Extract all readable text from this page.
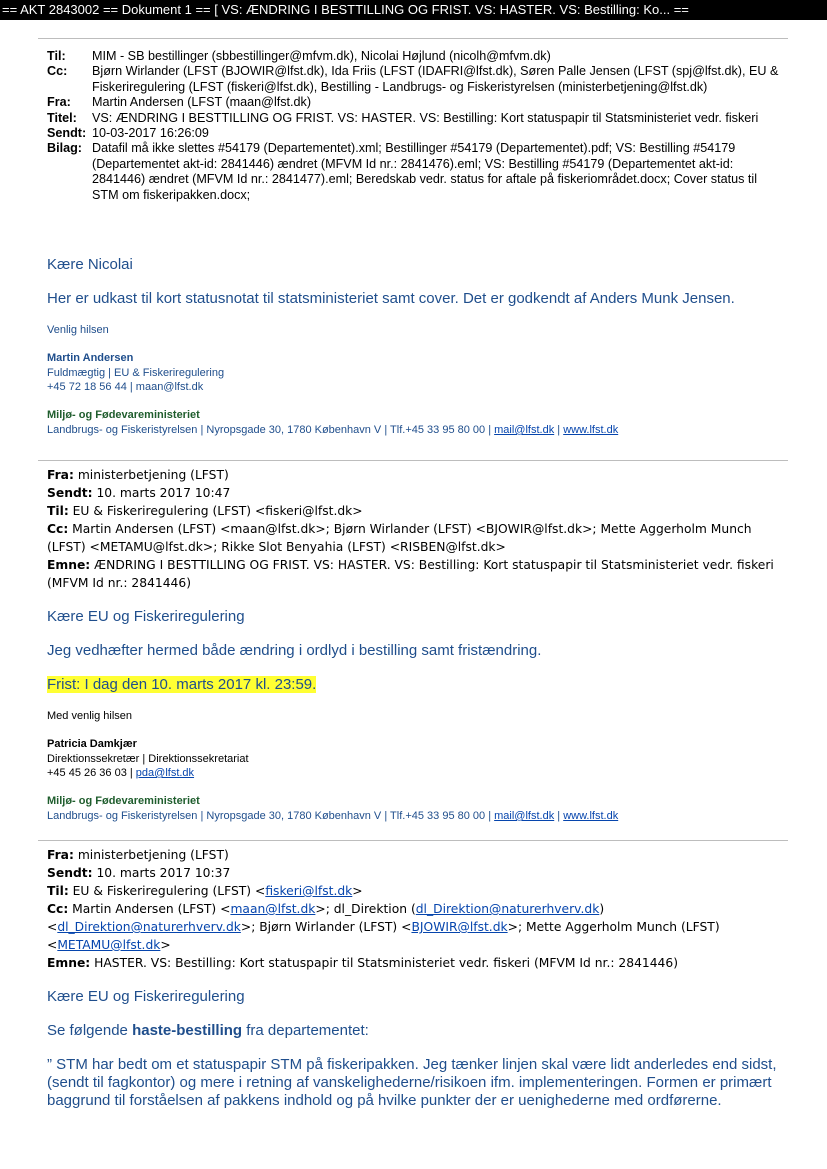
== AKT 2843002 == Dokument 1 == [ VS: ÆNDRING I BESTTILLING OG FRIST. VS: HASTER. VS: Bestilling: Ko... ==
Til:	MIM - SB bestillinger (sbbestillinger@mfvm.dk), Nicolai Højlund (nicolh@mfvm.dk)
Cc:	Bjørn Wirlander (LFST (BJOWIR@lfst.dk), Ida Friis (LFST (IDAFRI@lfst.dk), Søren Palle Jensen (LFST (spj@lfst.dk), EU & Fiskeriregulering (LFST (fiskeri@lfst.dk), Bestilling - Landbrugs- og Fiskeristyrelsen (ministerbetjening@lfst.dk)
Fra:	Martin Andersen (LFST (maan@lfst.dk)
Titel:	VS: ÆNDRING I BESTTILLING OG FRIST. VS: HASTER. VS: Bestilling: Kort statuspapir til Statsministeriet vedr. fiskeri
Sendt: 10-03-2017 16:26:09
Bilag: Datafil må ikke slettes #54179 (Departementet).xml; Bestillinger #54179 (Departementet).pdf; VS: Bestilling #54179 (Departementet akt-id: 2841446) ændret (MFVM Id nr.: 2841476).eml; VS: Bestilling #54179 (Departementet akt-id: 2841446) ændret (MFVM Id nr.: 2841477).eml; Beredskab vedr. status for aftale på fiskeriområdet.docx; Cover status til STM om fiskeripakken.docx;
Kære Nicolai
Her er udkast til kort statusnotat til statsministeriet samt cover. Det er godkendt af Anders Munk Jensen.
Venlig hilsen
Martin Andersen
Fuldmægtig | EU & Fiskeriregulering
+45 72 18 56 44 | maan@lfst.dk
Miljø- og Fødevareministeriet
Landbrugs- og Fiskeristyrelsen | Nyropsgade 30, 1780 København V | Tlf.+45 33 95 80 00 | mail@lfst.dk | www.lfst.dk
Fra: ministerbetjening (LFST)
Sendt: 10. marts 2017 10:47
Til: EU & Fiskeriregulering (LFST) <fiskeri@lfst.dk>
Cc: Martin Andersen (LFST) <maan@lfst.dk>; Bjørn Wirlander (LFST) <BJOWIR@lfst.dk>; Mette Aggerholm Munch (LFST) <METAMU@lfst.dk>; Rikke Slot Benyahia (LFST) <RISBEN@lfst.dk>
Emne: ÆNDRING I BESTTILLING OG FRIST. VS: HASTER. VS: Bestilling: Kort statuspapir til Statsministeriet vedr. fiskeri (MFVM Id nr.: 2841446)
Kære EU og Fiskeriregulering
Jeg vedhæfter hermed både ændring i ordlyd i bestilling samt fristændring.
Frist: I dag den 10. marts 2017 kl. 23:59.
Med venlig hilsen
Patricia Damkjær
Direktionssekretær | Direktionssekretariat
+45 45 26 36 03 | pda@lfst.dk
Miljø- og Fødevareministeriet
Landbrugs- og Fiskeristyrelsen | Nyropsgade 30, 1780 København V | Tlf.+45 33 95 80 00 | mail@lfst.dk | www.lfst.dk
Fra: ministerbetjening (LFST)
Sendt: 10. marts 2017 10:37
Til: EU & Fiskeriregulering (LFST) <fiskeri@lfst.dk>
Cc: Martin Andersen (LFST) <maan@lfst.dk>; dl_Direktion (dl_Direktion@naturerhverv.dk)
<dl_Direktion@naturerhverv.dk>; Bjørn Wirlander (LFST) <BJOWIR@lfst.dk>; Mette Aggerholm Munch (LFST)
<METAMU@lfst.dk>
Emne: HASTER. VS: Bestilling: Kort statuspapir til Statsministeriet vedr. fiskeri (MFVM Id nr.: 2841446)
Kære EU og Fiskeriregulering
Se følgende haste-bestilling fra departementet:
” STM har bedt om et statuspapir STM på fiskeripakken. Jeg tænker linjen skal være lidt anderledes end sidst, (sendt til fagkontor) og mere i retning af vanskelighederne/risikoen ifm. implementeringen. Formen er primært baggrund til forståelsen af pakkens indhold og på hvilke punkter der er uenighederne med ordførerne.
